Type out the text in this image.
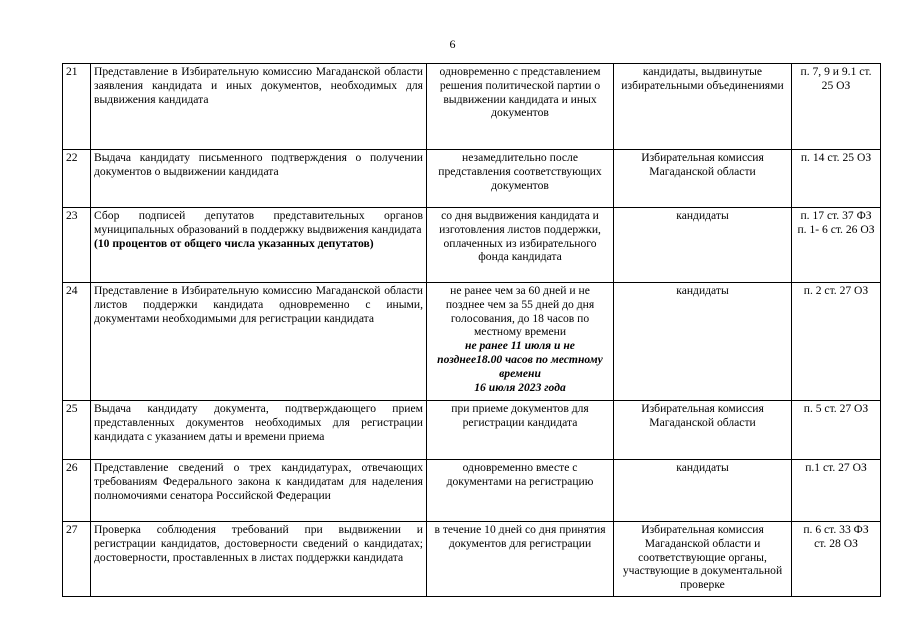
6
21	Представление в Избирательную комиссию Магаданской области заявления кандидата и иных документов, необходимых для выдвижения кандидата	одновременно с представлением решения политической партии о выдвижении кандидата и иных документов	кандидаты, выдвинутые избирательными объединениями	п. 7, 9 и 9.1 ст. 25 ОЗ

22	Выдача кандидату письменного подтверждения о получении документов о выдвижении кандидата	незамедлительно после представления соответствующих документов	Избирательная комиссия Магаданской области	п. 14 ст. 25 ОЗ

23	Сбор подписей депутатов представительных органов муниципальных образований в поддержку выдвижения кандидата
(10 процентов от общего числа указанных депутатов)	со дня выдвижения кандидата и изготовления листов поддержки, оплаченных из избирательного фонда кандидата	кандидаты	п. 17 ст. 37 ФЗ
п. 1- 6 ст. 26 ОЗ

24	Представление в Избирательную комиссию Магаданской области листов поддержки кандидата одновременно с иными, документами необходимыми для регистрации кандидата	не ранее чем за 60 дней и не позднее чем за 55 дней до дня голосования, до 18 часов по местному времени
не ранее 11 июля и не
позднее18.00 часов по местному времени
16 июля 2023 года	кандидаты	п. 2 ст. 27 ОЗ

25	Выдача кандидату документа, подтверждающего прием представленных документов необходимых для регистрации кандидата с указанием даты и времени приема	при приеме документов для регистрации кандидата	Избирательная комиссия Магаданской области	п. 5 ст. 27 ОЗ

26	Представление сведений о трех кандидатурах, отвечающих требованиям Федерального закона к кандидатам для наделения полномочиями сенатора Российской Федерации	одновременно вместе с документами на регистрацию	кандидаты	п.1 ст. 27 ОЗ

27	Проверка соблюдения требований при выдвижении и регистрации кандидатов, достоверности сведений о кандидатах; достоверности, проставленных в листах поддержки кандидата	в течение 10 дней со дня принятия документов для регистрации	Избирательная комиссия Магаданской области и соответствующие органы, участвующие в документальной проверке	п. 6 ст. 33 ФЗ
ст. 28 ОЗ
